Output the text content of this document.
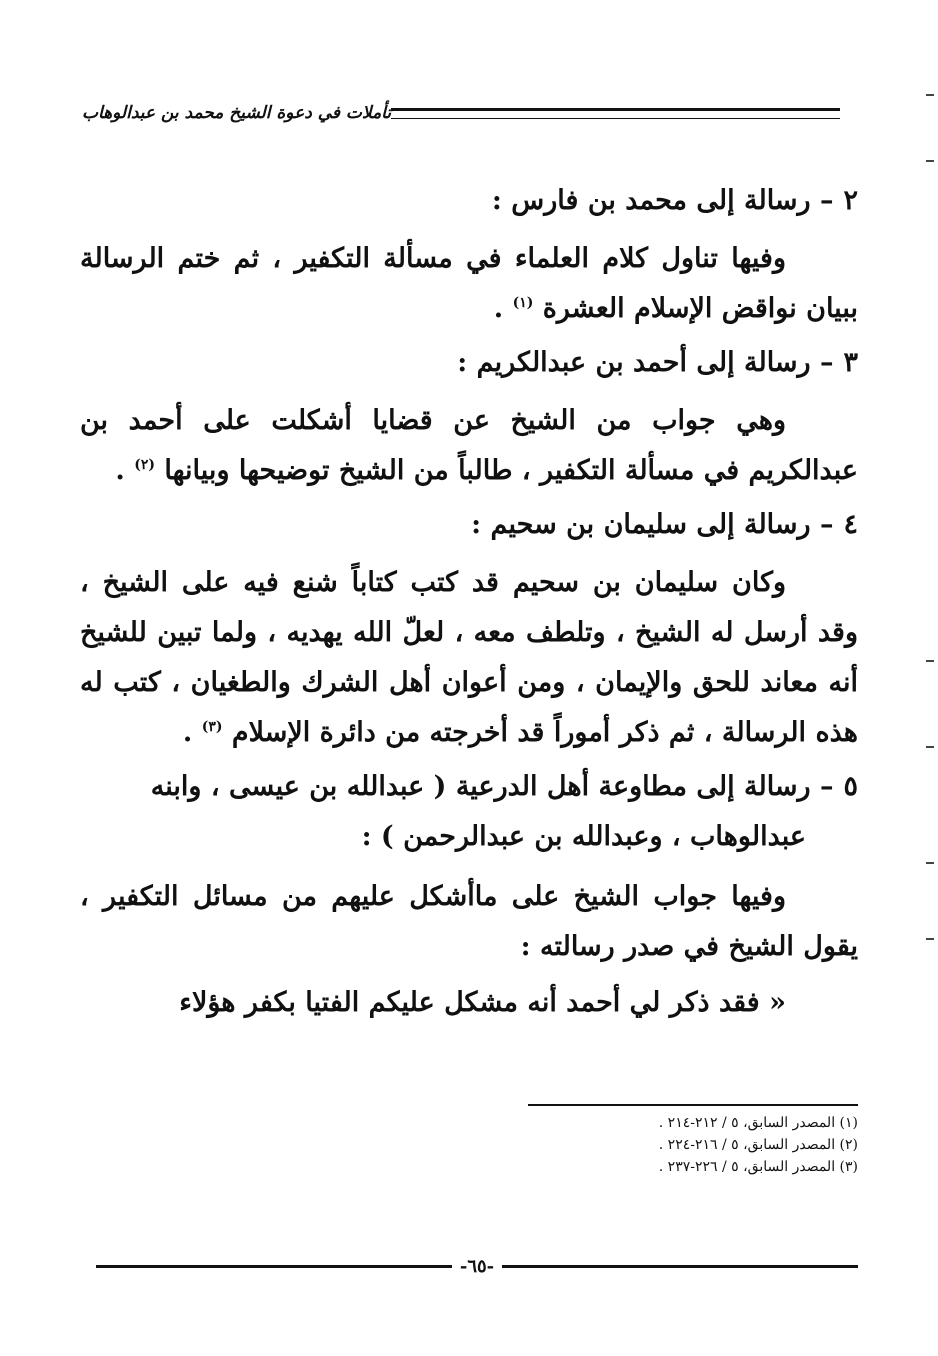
تأملات في دعوة الشيخ محمد بن عبدالوهاب
٢– رسالة إلى محمد بن فارس :
وفيها تناول كلام العلماء في مسألة التكفير ، ثم ختم الرسالة ببيان نواقض الإسلام العشرة $^{(١)}$ .
٣– رسالة إلى أحمد بن عبدالكريم :
وهي جواب من الشيخ عن قضايا أشكلت على أحمد بن عبدالكريم في مسألة التكفير ، طالباً من الشيخ توضيحها وبيانها $^{(٢)}$ .
٤– رسالة إلى سليمان بن سحيم :
وكان سليمان بن سحيم قد كتب كتاباً شنع فيه على الشيخ ، وقد أرسل له الشيخ ، وتلطف معه ، لعلّ الله يهديه ، ولما تبين للشيخ أنه معاند للحق والإيمان ، ومن أعوان أهل الشرك والطغيان ، كتب له هذه الرسالة ، ثم ذكر أموراً قد أخرجته من دائرة الإسلام $^{(٣)}$ .
٥– رسالة إلى مطاوعة أهل الدرعية ( عبدالله بن عيسى ، وابنه
عبدالوهاب ، وعبدالله بن عبدالرحمن ) :
وفيها جواب الشيخ على ماأشكل عليهم من مسائل التكفير ، يقول الشيخ في صدر رسالته :
« فقد ذكر لي أحمد أنه مشكل عليكم الفتيا بكفر هؤلاء
(١) المصدر السابق، ٥ / ٢١٢-٢١٤ .
(٢) المصدر السابق، ٥ / ٢١٦-٢٢٤ .
(٣) المصدر السابق، ٥ / ٢٢٦-٢٣٧ .
-٦٥-
